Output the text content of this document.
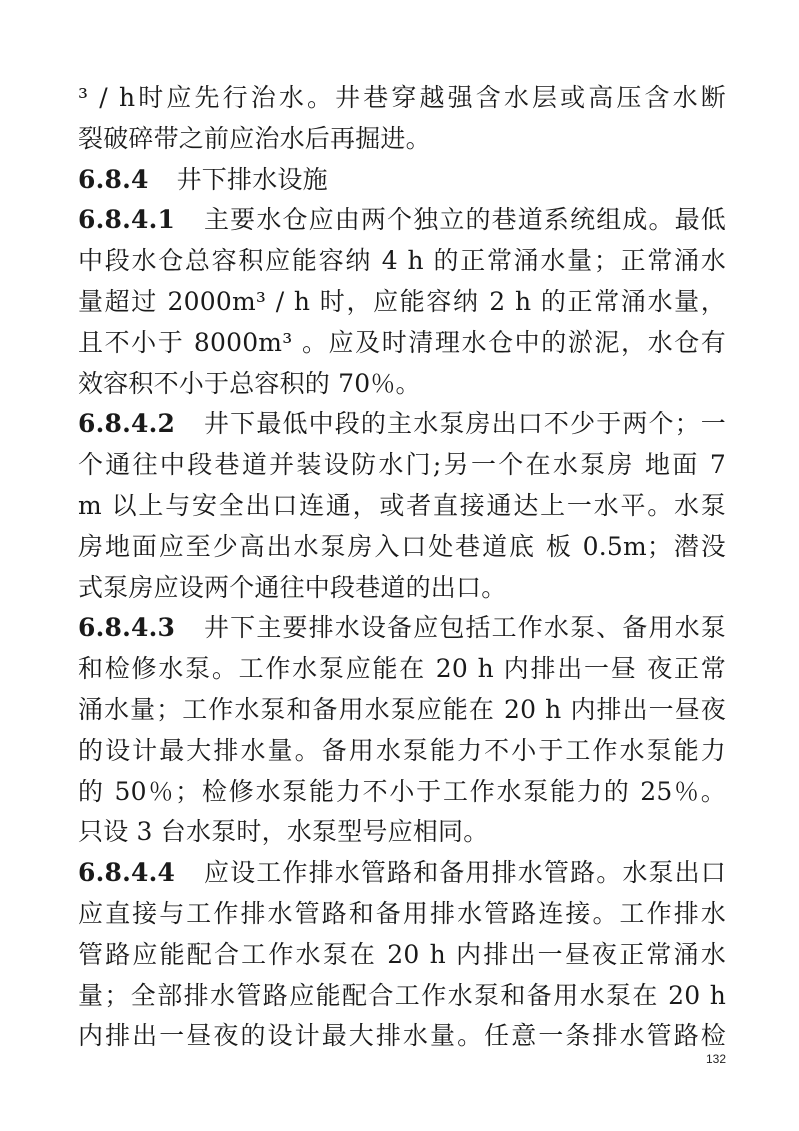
³ / h时应先行治水。井巷穿越强含水层或高压含水断
裂破碎带之前应治水后再掘进。
6.8.4 井下排水设施
6.8.4.1 主要水仓应由两个独立的巷道系统组成。最低
中段水仓总容积应能容纳 4 h 的正常涌水量；正常涌水
量超过 2000m³ / h 时，应能容纳 2 h 的正常涌水量，
且不小于 8000m³ 。应及时清理水仓中的淤泥，水仓有
效容积不小于总容积的 70％。
6.8.4.2 井下最低中段的主水泵房出口不少于两个；一
个通往中段巷道并装设防水门;另一个在水泵房 地面 7
m 以上与安全出口连通，或者直接通达上一水平。水泵
房地面应至少高出水泵房入口处巷道底 板 0.5m；潜没
式泵房应设两个通往中段巷道的出口。
6.8.4.3 井下主要排水设备应包括工作水泵、备用水泵
和检修水泵。工作水泵应能在 20 h 内排出一昼 夜正常
涌水量；工作水泵和备用水泵应能在 20 h 内排出一昼夜
的设计最大排水量。备用水泵能力不小于工作水泵能力
的 50％；检修水泵能力不小于工作水泵能力的 25％。
只设 3 台水泵时，水泵型号应相同。
6.8.4.4 应设工作排水管路和备用排水管路。水泵出口
应直接与工作排水管路和备用排水管路连接。工作排水
管路应能配合工作水泵在 20 h 内排出一昼夜正常涌水
量；全部排水管路应能配合工作水泵和备用水泵在 20 h
内排出一昼夜的设计最大排水量。任意一条排水管路检
132
